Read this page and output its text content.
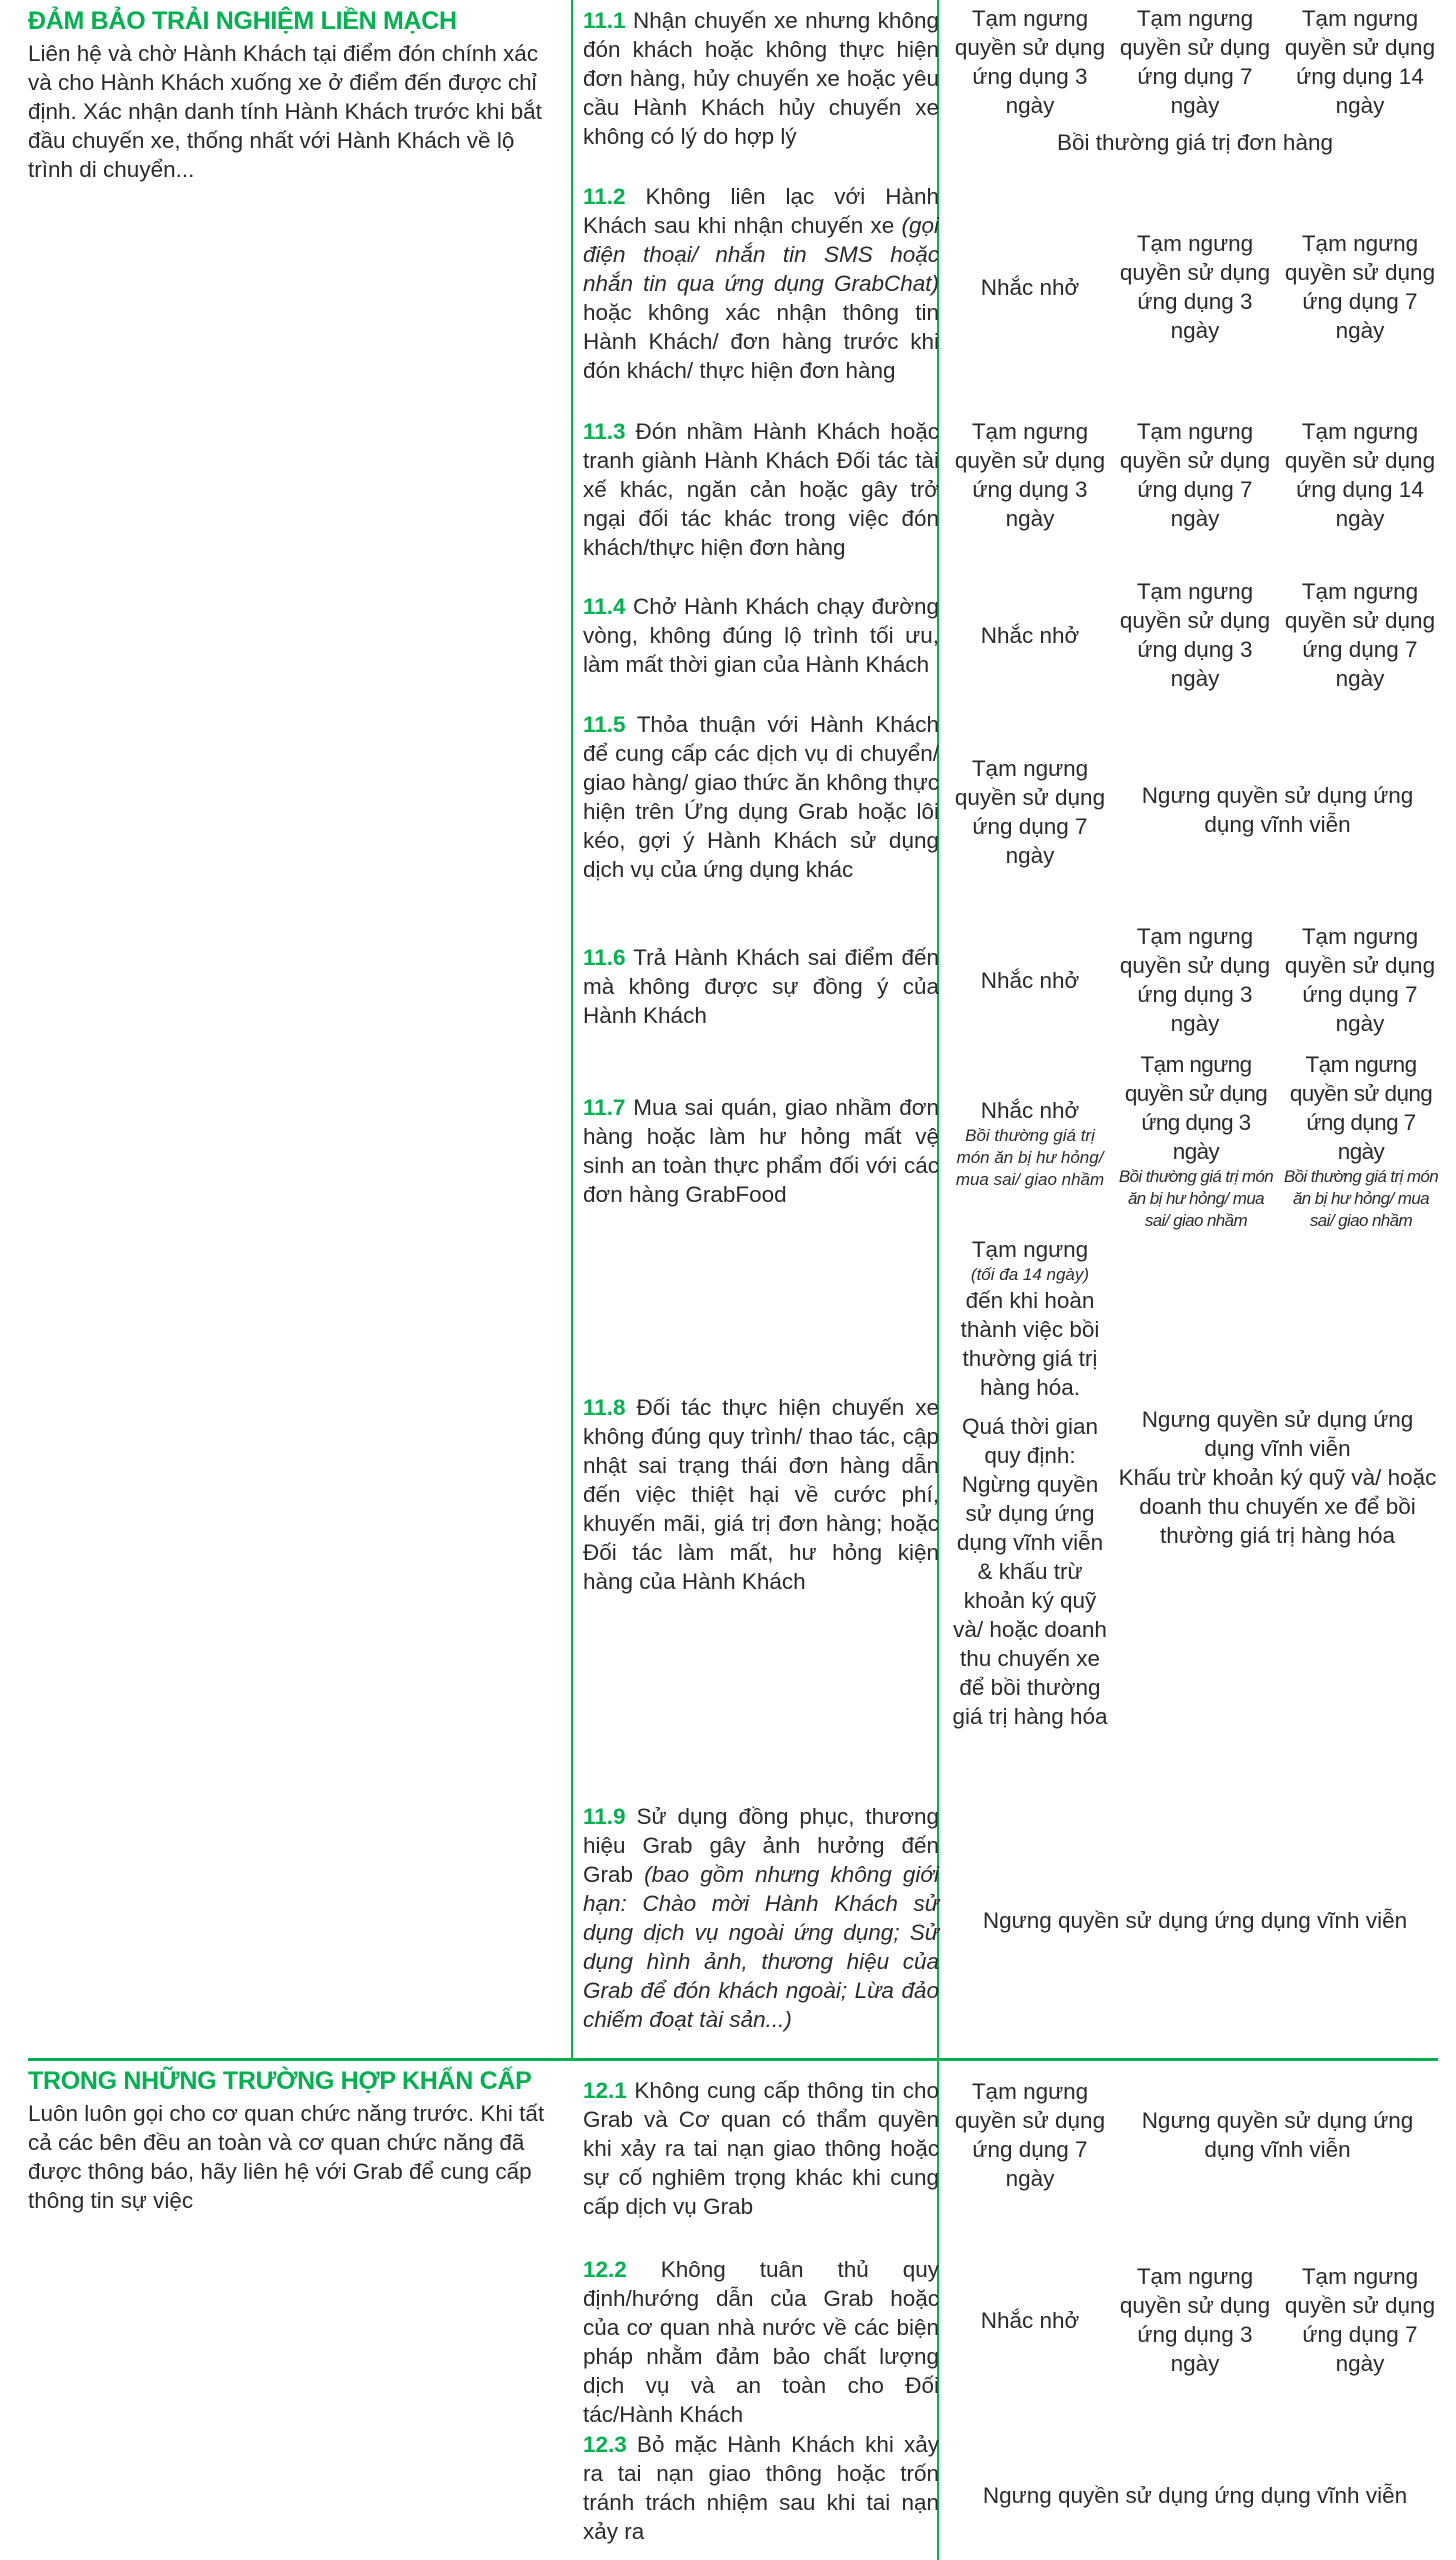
ĐẢM BẢO TRẢI NGHIỆM LIỀN MẠCH
Liên hệ và chờ Hành Khách tại điểm đón chính xác và cho Hành Khách xuống xe ở điểm đến được chỉ định. Xác nhận danh tính Hành Khách trước khi bắt đầu chuyến xe, thống nhất với Hành Khách về lộ trình di chuyển...
TRONG NHỮNG TRƯỜNG HỢP KHẨN CẤP
Luôn luôn gọi cho cơ quan chức năng trước. Khi tất cả các bên đều an toàn và cơ quan chức năng đã được thông báo, hãy liên hệ với Grab để cung cấp thông tin sự việc
11.1 Nhận chuyến xe nhưng không đón khách hoặc không thực hiện đơn hàng, hủy chuyến xe hoặc yêu cầu Hành Khách hủy chuyến xe không có lý do hợp lý
Tạm ngưng quyền sử dụng ứng dụng 3 ngày
Tạm ngưng quyền sử dụng ứng dụng 7 ngày
Tạm ngưng quyền sử dụng ứng dụng 14 ngày
Bồi thường giá trị đơn hàng
11.2 Không liên lạc với Hành Khách sau khi nhận chuyến xe (gọi điện thoại/ nhắn tin SMS hoặc nhắn tin qua ứng dụng GrabChat) hoặc không xác nhận thông tin Hành Khách/ đơn hàng trước khi đón khách/ thực hiện đơn hàng
Nhắc nhở
Tạm ngưng quyền sử dụng ứng dụng 3 ngày
Tạm ngưng quyền sử dụng ứng dụng 7 ngày
11.3 Đón nhầm Hành Khách hoặc tranh giành Hành Khách Đối tác tài xế khác, ngăn cản hoặc gây trở ngại đối tác khác trong việc đón khách/thực hiện đơn hàng
Tạm ngưng quyền sử dụng ứng dụng 3 ngày
Tạm ngưng quyền sử dụng ứng dụng 7 ngày
Tạm ngưng quyền sử dụng ứng dụng 14 ngày
11.4 Chở Hành Khách chạy đường vòng, không đúng lộ trình tối ưu, làm mất thời gian của Hành Khách
Nhắc nhở
Tạm ngưng quyền sử dụng ứng dụng 3 ngày
Tạm ngưng quyền sử dụng ứng dụng 7 ngày
11.5 Thỏa thuận với Hành Khách để cung cấp các dịch vụ di chuyển/ giao hàng/ giao thức ăn không thực hiện trên Ứng dụng Grab hoặc lôi kéo, gợi ý Hành Khách sử dụng dịch vụ của ứng dụng khác
Tạm ngưng quyền sử dụng ứng dụng 7 ngày
Ngưng quyền sử dụng ứng dụng vĩnh viễn
11.6 Trả Hành Khách sai điểm đến mà không được sự đồng ý của Hành Khách
Nhắc nhở
Tạm ngưng quyền sử dụng ứng dụng 3 ngày
Tạm ngưng quyền sử dụng ứng dụng 7 ngày
11.7 Mua sai quán, giao nhầm đơn hàng hoặc làm hư hỏng mất vệ sinh an toàn thực phẩm đối với các đơn hàng GrabFood
Nhắc nhở
Bồi thường giá trị món ăn bị hư hỏng/ mua sai/ giao nhầm
Tạm ngưng quyền sử dụng ứng dụng 3 ngày
Bồi thường giá trị món ăn bị hư hỏng/ mua sai/ giao nhầm
Tạm ngưng quyền sử dụng ứng dụng 7 ngày
Bồi thường giá trị món ăn bị hư hỏng/ mua sai/ giao nhầm
11.8 Đối tác thực hiện chuyến xe không đúng quy trình/ thao tác, cập nhật sai trạng thái đơn hàng dẫn đến việc thiệt hại về cước phí, khuyến mãi, giá trị đơn hàng; hoặc Đối tác làm mất, hư hỏng kiện hàng của Hành Khách
Tạm ngưng
(tối đa 14 ngày)
đến khi hoàn thành việc bồi thường giá trị hàng hóa.
Quá thời gian quy định: Ngừng quyền sử dụng ứng dụng vĩnh viễn & khấu trừ khoản ký quỹ và/ hoặc doanh thu chuyến xe để bồi thường giá trị hàng hóa
Ngưng quyền sử dụng ứng dụng vĩnh viễn
Khấu trừ khoản ký quỹ và/ hoặc doanh thu chuyến xe để bồi thường giá trị hàng hóa
11.9 Sử dụng đồng phục, thương hiệu Grab gây ảnh hưởng đến Grab (bao gồm nhưng không giới hạn: Chào mời Hành Khách sử dụng dịch vụ ngoài ứng dụng; Sử dụng hình ảnh, thương hiệu của Grab để đón khách ngoài; Lừa đảo chiếm đoạt tài sản...)
Ngưng quyền sử dụng ứng dụng vĩnh viễn
12.1 Không cung cấp thông tin cho Grab và Cơ quan có thẩm quyền khi xảy ra tai nạn giao thông hoặc sự cố nghiêm trọng khác khi cung cấp dịch vụ Grab
Tạm ngưng quyền sử dụng ứng dụng 7 ngày
Ngưng quyền sử dụng ứng dụng vĩnh viễn
12.2 Không tuân thủ quy định/hướng dẫn của Grab hoặc của cơ quan nhà nước về các biện pháp nhằm đảm bảo chất lượng dịch vụ và an toàn cho Đối tác/Hành Khách
Nhắc nhở
Tạm ngưng quyền sử dụng ứng dụng 3 ngày
Tạm ngưng quyền sử dụng ứng dụng 7 ngày
12.3 Bỏ mặc Hành Khách khi xảy ra tai nạn giao thông hoặc trốn tránh trách nhiệm sau khi tai nạn xảy ra
Ngưng quyền sử dụng ứng dụng vĩnh viễn
